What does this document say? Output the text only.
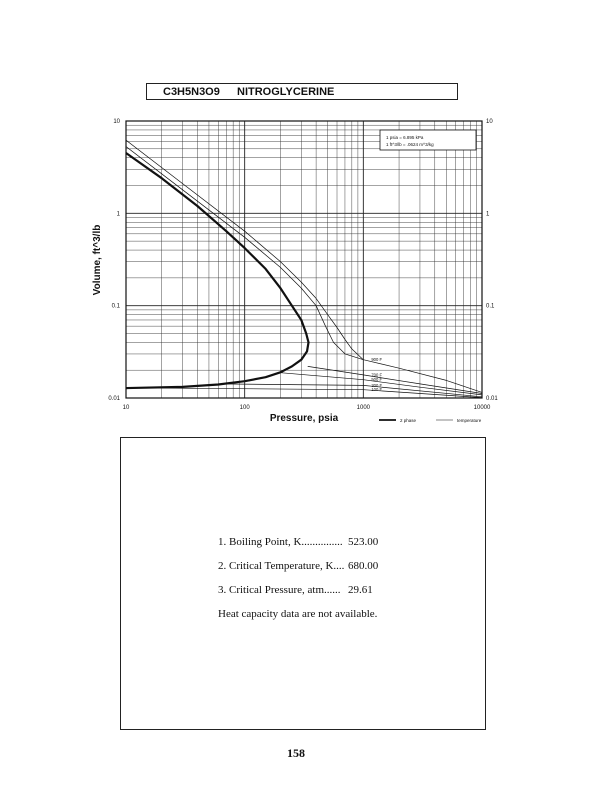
C3H5N3O9	NITROGLYCERINE
10	100	1000	10000
10	10
1	1
0.1	0.1
0.01	0.01
900 F
700 F
500 F
300 F
100 F
Pressure, psia
Volume, ft^3/lb
1 psia = 6.895 kPa
1 ft^3/lb = .0624 m^3/kg
2 phase	temperature
1. Boiling Point, K............... 523.00
2. Critical Temperature, K.... 680.00
3. Critical Pressure, atm...... 29.61
Heat capacity data are not available.
158
